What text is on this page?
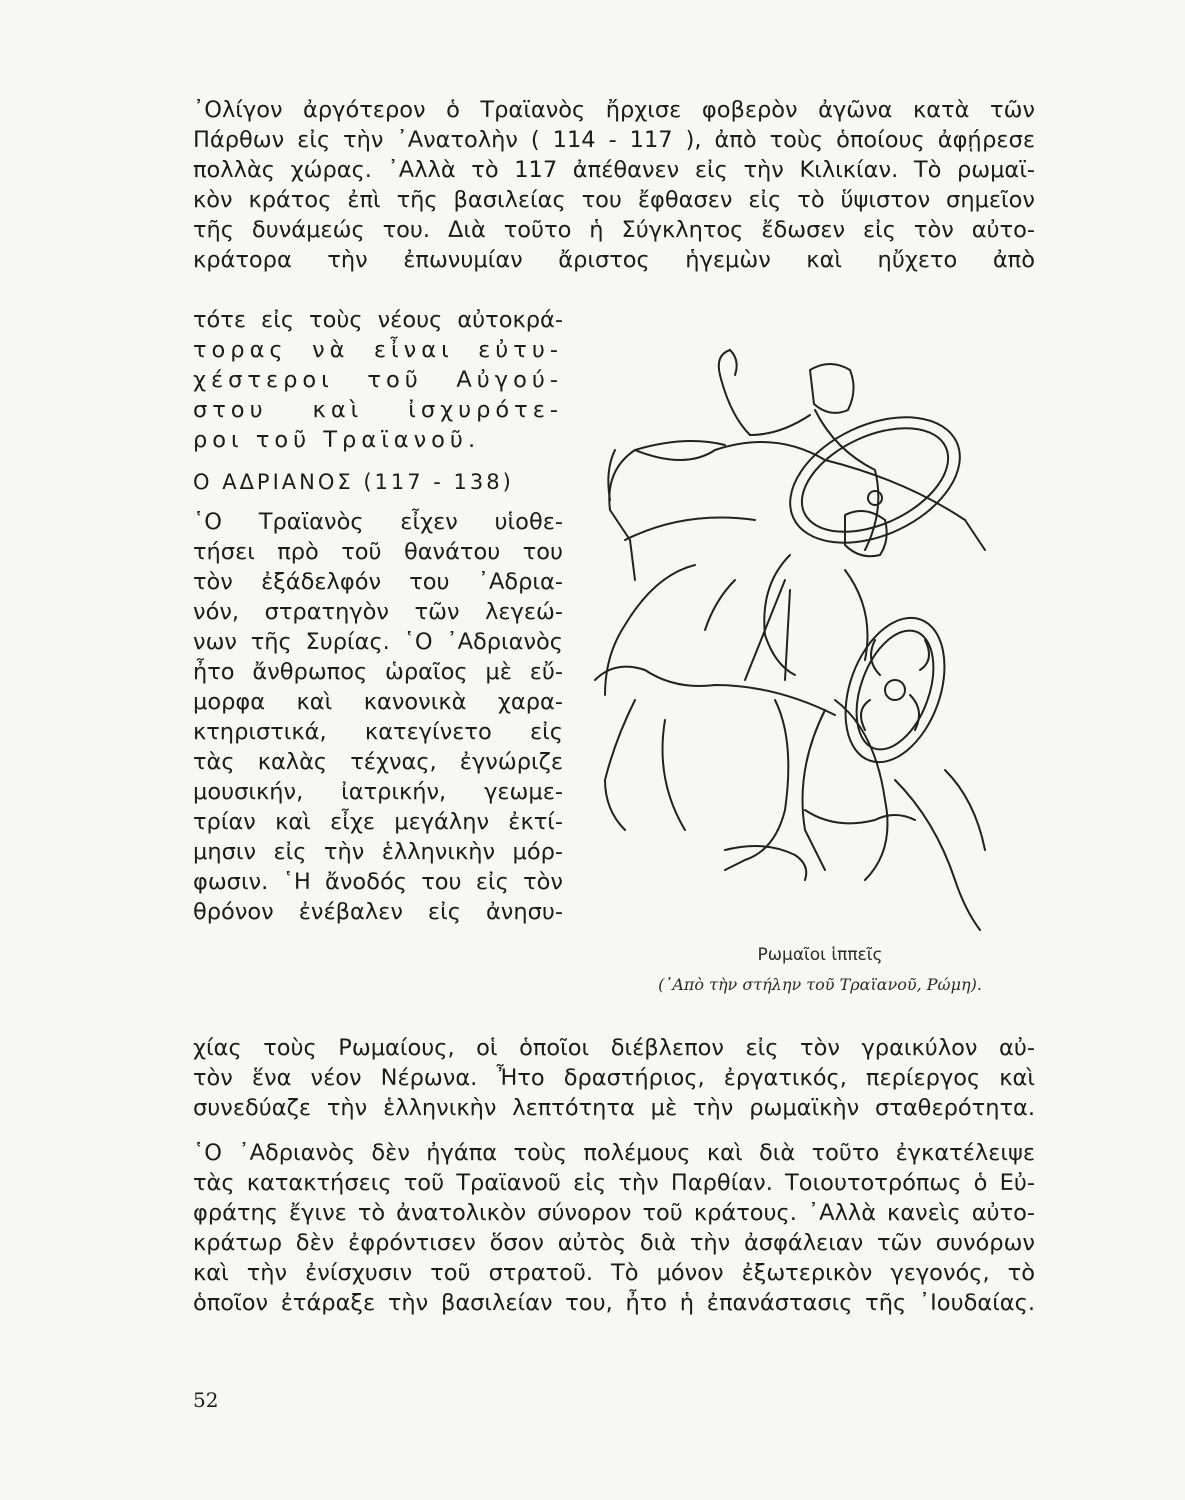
᾿Ολίγον ἀργότερον ὁ Τραϊανὸς ἤρχισε φοβερὸν ἀγῶνα κατὰ τῶν
Πάρθων εἰς τὴν ᾿Ανατολὴν ( 114 - 117 ), ἀπὸ τοὺς ὁποίους ἀφῄρεσε
πολλὰς χώρας. ᾿Αλλὰ τὸ 117 ἀπέθανεν εἰς τὴν Κιλικίαν. Τὸ ρωμαϊ-
κὸν κράτος ἐπὶ τῆς βασιλείας του ἔφθασεν εἰς τὸ ὕψιστον σημεῖον
τῆς δυνάμεώς του. Διὰ τοῦτο ἡ Σύγκλητος ἔδωσεν εἰς τὸν αὐτο-
κράτορα τὴν ἐπωνυμίαν ἄριστος ἡγεμὼν καὶ ηὔχετο ἀπὸ
τότε εἰς τοὺς νέους αὐτοκρά-
τορας νὰ εἶναι εὐτυ-
χέστεροι τοῦ Αὐγού-
στου καὶ ἰσχυρότε-
ροι τοῦ Τραϊανοῦ.
Ο ΑΔΡΙΑΝΟΣ (117 - 138)
῾Ο Τραϊανὸς εἶχεν υἱοθε-
τήσει πρὸ τοῦ θανάτου του
τὸν ἐξάδελφόν του ᾿Αδρια-
νόν, στρατηγὸν τῶν λεγεώ-
νων τῆς Συρίας. ῾Ο ᾿Αδριανὸς
ἦτο ἄνθρωπος ὡραῖος μὲ εὔ-
μορφα καὶ κανονικὰ χαρα-
κτηριστικά, κατεγίνετο εἰς
τὰς καλὰς τέχνας, ἐγνώριζε
μουσικήν, ἰατρικήν, γεωμε-
τρίαν καὶ εἶχε μεγάλην ἐκτί-
μησιν εἰς τὴν ἑλληνικὴν μόρ-
φωσιν. ῾Η ἄνοδός του εἰς τὸν
θρόνον ἐνέβαλεν εἰς ἀνησυ-
Ρωμαῖοι ἱππεῖς
(᾿Απὸ τὴν στήλην τοῦ Τραϊανοῦ, Ρώμη).
χίας τοὺς Ρωμαίους, οἱ ὁποῖοι διέβλεπον εἰς τὸν γραικύλον αὐ-
τὸν ἕνα νέον Νέρωνα. Ἦτο δραστήριος, ἐργατικός, περίεργος καὶ
συνεδύαζε τὴν ἑλληνικὴν λεπτότητα μὲ τὴν ρωμαϊκὴν σταθερότητα.
῾Ο ᾿Αδριανὸς δὲν ἠγάπα τοὺς πολέμους καὶ διὰ τοῦτο ἐγκατέλειψε
τὰς κατακτήσεις τοῦ Τραϊανοῦ εἰς τὴν Παρθίαν. Τοιουτοτρόπως ὁ Εὐ-
φράτης ἔγινε τὸ ἀνατολικὸν σύνορον τοῦ κράτους. ᾿Αλλὰ κανεὶς αὐτο-
κράτωρ δὲν ἐφρόντισεν ὅσον αὐτὸς διὰ τὴν ἀσφάλειαν τῶν συνόρων
καὶ τὴν ἐνίσχυσιν τοῦ στρατοῦ. Τὸ μόνον ἐξωτερικὸν γεγονός, τὸ
ὁποῖον ἐτάραξε τὴν βασιλείαν του, ἦτο ἡ ἐπανάστασις τῆς ᾿Ιουδαίας.
52
